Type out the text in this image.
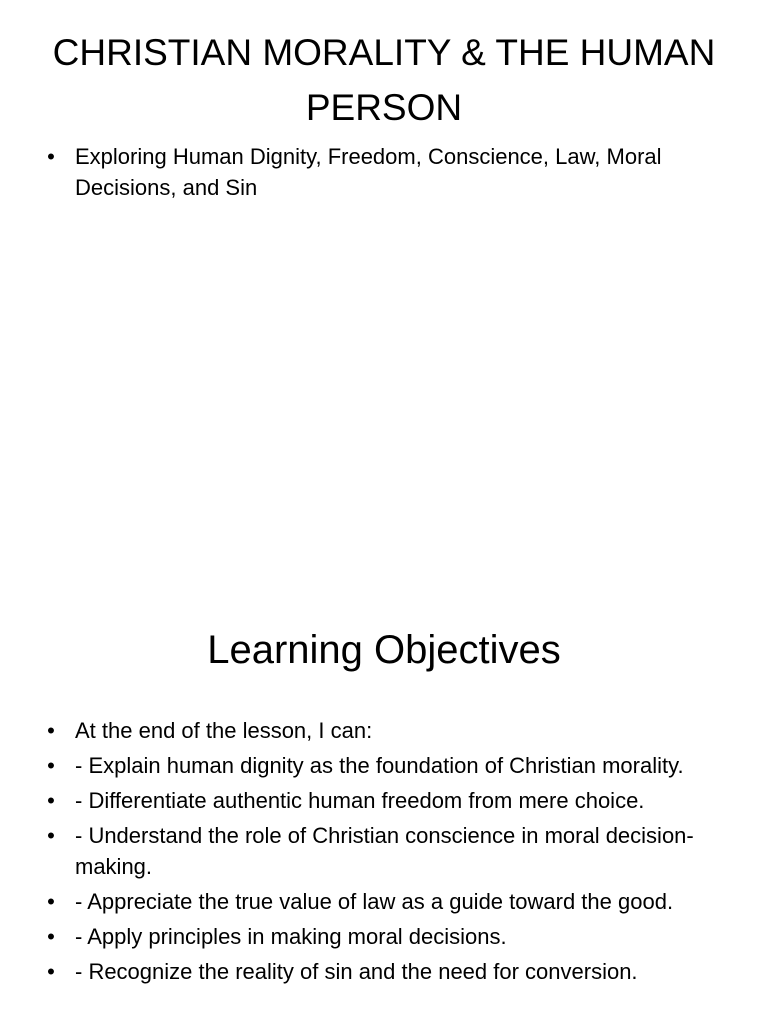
CHRISTIAN MORALITY & THE HUMAN PERSON
• Exploring Human Dignity, Freedom, Conscience, Law, Moral Decisions, and Sin
Learning Objectives
• At the end of the lesson, I can:
• - Explain human dignity as the foundation of Christian morality.
• - Differentiate authentic human freedom from mere choice.
• - Understand the role of Christian conscience in moral decision-making.
• - Appreciate the true value of law as a guide toward the good.
• - Apply principles in making moral decisions.
• - Recognize the reality of sin and the need for conversion.
